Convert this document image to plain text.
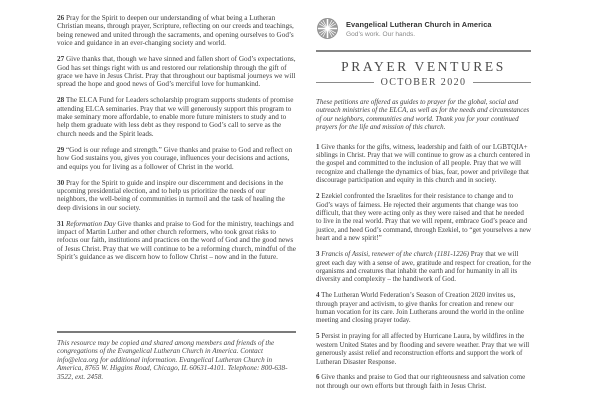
26 Pray for the Spirit to deepen our understanding of what being a Lutheran Christian means, through prayer, Scripture, reflecting on our creeds and teachings, being renewed and united through the sacraments, and opening ourselves to God’s voice and guidance in an ever-changing society and world.

27 Give thanks that, though we have sinned and fallen short of God’s expectations, God has set things right with us and restored our relationship through the gift of grace we have in Jesus Christ. Pray that throughout our baptismal journeys we will spread the hope and good news of God’s merciful love for humankind.

28 The ELCA Fund for Leaders scholarship program supports students of promise attending ELCA seminaries. Pray that we will generously support this program to make seminary more affordable, to enable more future ministers to study and to help them graduate with less debt as they respond to God’s call to serve as the church needs and the Spirit leads.

29 “God is our refuge and strength.” Give thanks and praise to God and reflect on how God sustains you, gives you courage, influences your decisions and actions, and equips you for living as a follower of Christ in the world.

30 Pray for the Spirit to guide and inspire our discernment and decisions in the upcoming presidential election, and to help us prioritize the needs of our neighbors, the well-being of communities in turmoil and the task of healing the deep divisions in our society.

31 Reformation Day Give thanks and praise to God for the ministry, teachings and impact of Martin Luther and other church reformers, who took great risks to refocus our faith, institutions and practices on the word of God and the good news of Jesus Christ. Pray that we will continue to be a reforming church, mindful of the Spirit’s guidance as we discern how to follow Christ – now and in the future.

This resource may be copied and shared among members and friends of the congregations of the Evangelical Lutheran Church in America. Contact info@elca.org for additional information. Evangelical Lutheran Church in America, 8765 W. Higgins Road, Chicago, IL 60631-4101. Telephone: 800-638-3522, ext. 2458.
Evangelical Lutheran Church in America
God’s work. Our hands.
PRAYER VENTURES
OCTOBER 2020

These petitions are offered as guides to prayer for the global, social and outreach ministries of the ELCA, as well as for the needs and circumstances of our neighbors, communities and world. Thank you for your continued prayers for the life and mission of this church.

1 Give thanks for the gifts, witness, leadership and faith of our LGBTQIA+ siblings in Christ. Pray that we will continue to grow as a church centered in the gospel and committed to the inclusion of all people. Pray that we will recognize and challenge the dynamics of bias, fear, power and privilege that discourage participation and equity in this church and in society.

2 Ezekiel confronted the Israelites for their resistance to change and to God’s ways of fairness. He rejected their arguments that change was too difficult, that they were acting only as they were raised and that he needed to live in the real world. Pray that we will repent, embrace God’s peace and justice, and heed God’s command, through Ezekiel, to “get yourselves a new heart and a new spirit!”

3 Francis of Assisi, renewer of the church (1181-1226) Pray that we will greet each day with a sense of awe, gratitude and respect for creation, for the organisms and creatures that inhabit the earth and for humanity in all its diversity and complexity – the handiwork of God.

4 The Lutheran World Federation’s Season of Creation 2020 invites us, through prayer and activism, to give thanks for creation and renew our human vocation for its care. Join Lutherans around the world in the online meeting and closing prayer today.

5 Persist in praying for all affected by Hurricane Laura, by wildfires in the western United States and by flooding and severe weather. Pray that we will generously assist relief and reconstruction efforts and support the work of Lutheran Disaster Response.

6 Give thanks and praise to God that our righteousness and salvation come not through our own efforts but through faith in Jesus Christ.
